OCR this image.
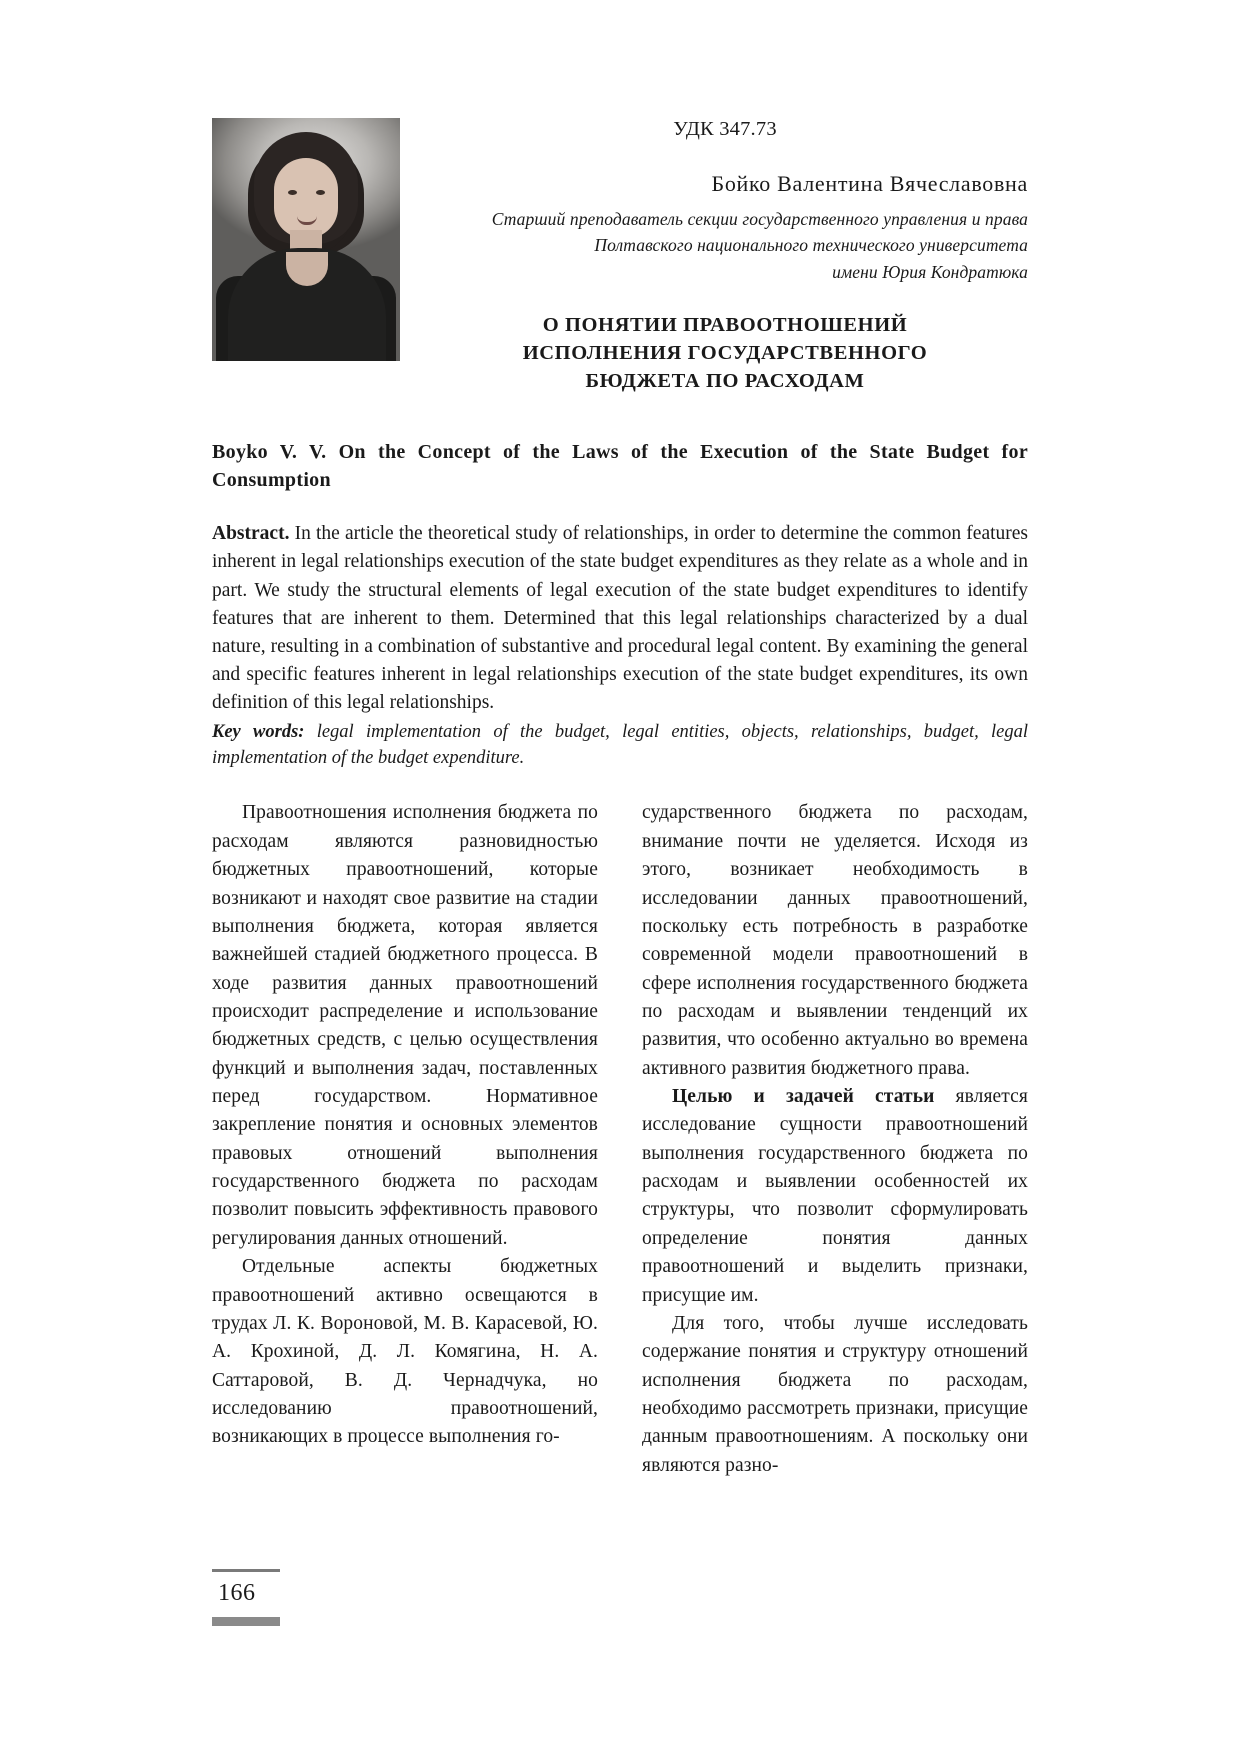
УДК 347.73
Бойко Валентина Вячеславовна
Старший преподаватель секции государственного управления и права
Полтавского национального технического университета
имени Юрия Кондратюка
О ПОНЯТИИ ПРАВООТНОШЕНИЙ
ИСПОЛНЕНИЯ ГОСУДАРСТВЕННОГО
БЮДЖЕТА ПО РАСХОДАМ
Boyko V. V. On the Concept of the Laws of the Execution of the State Budget for Consumption
Abstract. In the article the theoretical study of relationships, in order to determine the common features inherent in legal relationships execution of the state budget expenditures as they relate as a whole and in part. We study the structural elements of legal execution of the state budget expenditures to identify features that are inherent to them. Determined that this legal relationships characterized by a dual nature, resulting in a combination of substantive and procedural legal content. By examining the general and specific features inherent in legal relationships execution of the state budget expenditures, its own definition of this legal relationships.
Key words: legal implementation of the budget, legal entities, objects, relationships, budget, legal implementation of the budget expenditure.

Правоотношения исполнения бюджета по расходам являются разновидностью бюджетных правоотношений, которые возникают и находят свое развитие на стадии выполнения бюджета, которая является важнейшей стадией бюджетного процесса. В ходе развития данных правоотношений происходит распределение и использование бюджетных средств, с целью осуществления функций и выполнения задач, поставленных перед государством. Нормативное закрепление понятия и основных элементов правовых отношений выполнения государственного бюджета по расходам позволит повысить эффективность правового регулирования данных отношений.

Отдельные аспекты бюджетных правоотношений активно освещаются в трудах Л. К. Вороновой, М. В. Карасевой, Ю. А. Крохиной, Д. Л. Комягина, Н. А. Саттаровой, В. Д. Чернадчука, но исследованию правоотношений, возникающих в процессе выполнения го-

сударственного бюджета по расходам, внимание почти не уделяется. Исходя из этого, возникает необходимость в исследовании данных правоотношений, поскольку есть потребность в разработке современной модели правоотношений в сфере исполнения государственного бюджета по расходам и выявлении тенденций их развития, что особенно актуально во времена активного развития бюджетного права.

Целью и задачей статьи является исследование сущности правоотношений выполнения государственного бюджета по расходам и выявлении особенностей их структуры, что позволит сформулировать определение понятия данных правоотношений и выделить признаки, присущие им.

Для того, чтобы лучше исследовать содержание понятия и структуру отношений исполнения бюджета по расходам, необходимо рассмотреть признаки, присущие данным правоотношениям. А поскольку они являются разно-

166
